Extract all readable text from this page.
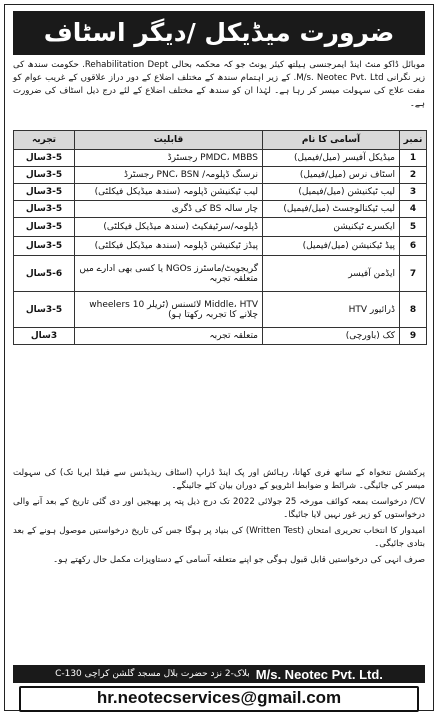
ضرورت میڈیکل /دیگر اسٹاف
موبائل ڈاکو منٹ اینڈ ایمرجنسی ہیلتھ کیئر یونٹ جو کہ محکمہ بحالی Rehabilitation Dept. حکومت سندھ کی زیر نگرانی M/s. Neotec Pvt. Ltd. کے زیر اہتمام سندھ کے مختلف اضلاع کے دور دراز علاقوں کے غریب عوام کو مفت علاج کی سہولت میسر کر رہا ہے۔ لہٰذا ان کو سندھ کے مختلف اضلاع کے لئے درج ذیل اسٹاف کی ضرورت ہے۔
نمبر	آسامی کا نام	قابلیت	تجربہ
1	میڈیکل آفیسر (میل/فیمیل)	PMDC، MBBS رجسٹرڈ	3-5سال
2	اسٹاف نرس (میل/فیمیل)	نرسنگ ڈپلومہ/ PNC، BSN رجسٹرڈ	3-5سال
3	لیب ٹیکنیشن (میل/فیمیل)	لیب ٹیکنیشن ڈپلومہ (سندھ میڈیکل فیکلٹی)	3-5سال
4	لیب ٹیکنالوجسٹ (میل/فیمیل)	چار سالہ BS کی ڈگری	3-5سال
5	ایکسرے ٹیکنیشن	ڈپلومہ/سرٹیفکیٹ (سندھ میڈیکل فیکلٹی)	3-5سال
6	پیڈ ٹیکنیشن (میل/فیمیل)	پیڈز ٹیکنیشن ڈپلومہ (سندھ میڈیکل فیکلٹی)	3-5سال
7	ایڈمن آفیسر	گریجویٹ/ماسٹرز NGOs یا کسی بھی ادارے میں متعلقہ تجربہ	5-6سال
8	ڈرائیور HTV	Middle، HTV لائسنس (ٹریلر 10 wheelers چلانے کا تجربہ رکھتا ہو)	3-5سال
9	کک (باورچی)	متعلقہ تجربہ	3سال

پرکشش تنخواہ کے ساتھ فری کھانا، رہائش اور پک اینڈ ڈراپ (اسٹاف ریذیڈنس سے فیلڈ ایریا تک) کی سہولت میسر کی جائیگی۔ شرائط و ضوابط انٹرویو کے دوران بیان کئے جائینگے۔

CV/ درخواست بمعہ کوائف مورخہ 25 جولائی 2022 تک درج ذیل پتہ پر بھیجیں اور دی گئی تاریخ کے بعد آنے والی درخواستوں کو زیر غور نہیں لایا جائیگا۔

امیدوار کا انتخاب تحریری امتحان (Written Test) کی بنیاد پر ہوگا جس کی تاریخ درخواستیں موصول ہونے کے بعد بتادی جائیگی۔

صرف انہی کی درخواستیں قابل قبول ہوگی جو اپنے متعلقہ آسامی کے دستاویزات مکمل حال رکھتے ہو۔

C-130 بلاک-2 نزد حضرت بلال مسجد گلشن کراچی M/s. Neotec Pvt. Ltd.
hr.neotecservices@gmail.com
